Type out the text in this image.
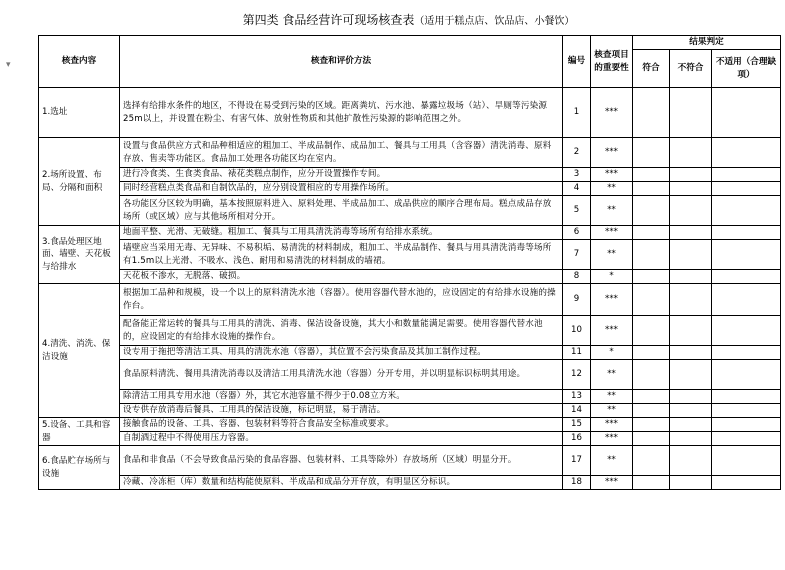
▾
第四类 食品经营许可现场核查表（适用于糕点店、饮品店、小餐饮）
核查内容	核查和评价方法	编号	核查项目的重要性	结果判定		
				符合	不符合	不适用（合理缺项）
1.选址	选择有给排水条件的地区，不得设在易受到污染的区域。距离粪坑、污水池、暴露垃圾场（站）、旱厕等污染源25m以上，并设置在粉尘、有害气体、放射性物质和其他扩散性污染源的影响范围之外。	1	***			
2.场所设置、布局、分隔和面积	设置与食品供应方式和品种相适应的粗加工、半成品制作、成品加工、餐具与工用具（含容器）清洗消毒、原料存放、售卖等功能区。食品加工处理各功能区均在室内。	2	***			
	进行冷食类、生食类食品、裱花类糕点制作，应分开设置操作专间。	3	***			
	同时经营糕点类食品和自制饮品的，应分别设置相应的专用操作场所。	4	**			
	各功能区分区较为明确，基本按照原料进入、原料处理、半成品加工、成品供应的顺序合理布局。糕点成品存放场所（或区域）应与其他场所相对分开。	5	**			
3.食品处理区地面、墙壁、天花板与给排水	地面平整、光滑、无破缝。粗加工、餐具与工用具清洗消毒等场所有给排水系统。	6	***			
	墙壁应当采用无毒、无异味、不易积垢、易清洗的材料制成，粗加工、半成品制作、餐具与用具清洗消毒等场所有1.5m以上光滑、不吸水、浅色、耐用和易清洗的材料制成的墙裙。	7	**			
	天花板不渗水，无脱落、破损。	8	*			
4.清洗、消洗、保洁设施	根据加工品种和规模，设一个以上的原料清洗水池（容器）。使用容器代替水池的，应设固定的有给排水设施的操作台。	9	***			
	配备能正常运转的餐具与工用具的清洗、消毒、保洁设备设施，其大小和数量能满足需要。使用容器代替水池的，应设固定的有给排水设施的操作台。	10	***			
	设专用于拖把等清洁工具、用具的清洗水池（容器），其位置不会污染食品及其加工制作过程。	11	*			
	食品原料清洗、餐用具清洗消毒以及清洁工用具清洗水池（容器）分开专用，并以明显标识标明其用途。	12	**			
	除清洁工用具专用水池（容器）外，其它水池容量不得少于0.08立方米。	13	**			
	设专供存放消毒后餐具、工用具的保洁设施，标记明显，易于清洁。	14	**			
5.设备、工具和容器	接触食品的设备、工具、容器、包装材料等符合食品安全标准或要求。	15	***			
	自制酒过程中不得使用压力容器。	16	***			
6.食品贮存场所与设施	食品和非食品（不会导致食品污染的食品容器、包装材料、工具等除外）存放场所（区域）明显分开。	17	**			
	冷藏、冷冻柜（库）数量和结构能使原料、半成品和成品分开存放，有明显区分标识。	18	***			
